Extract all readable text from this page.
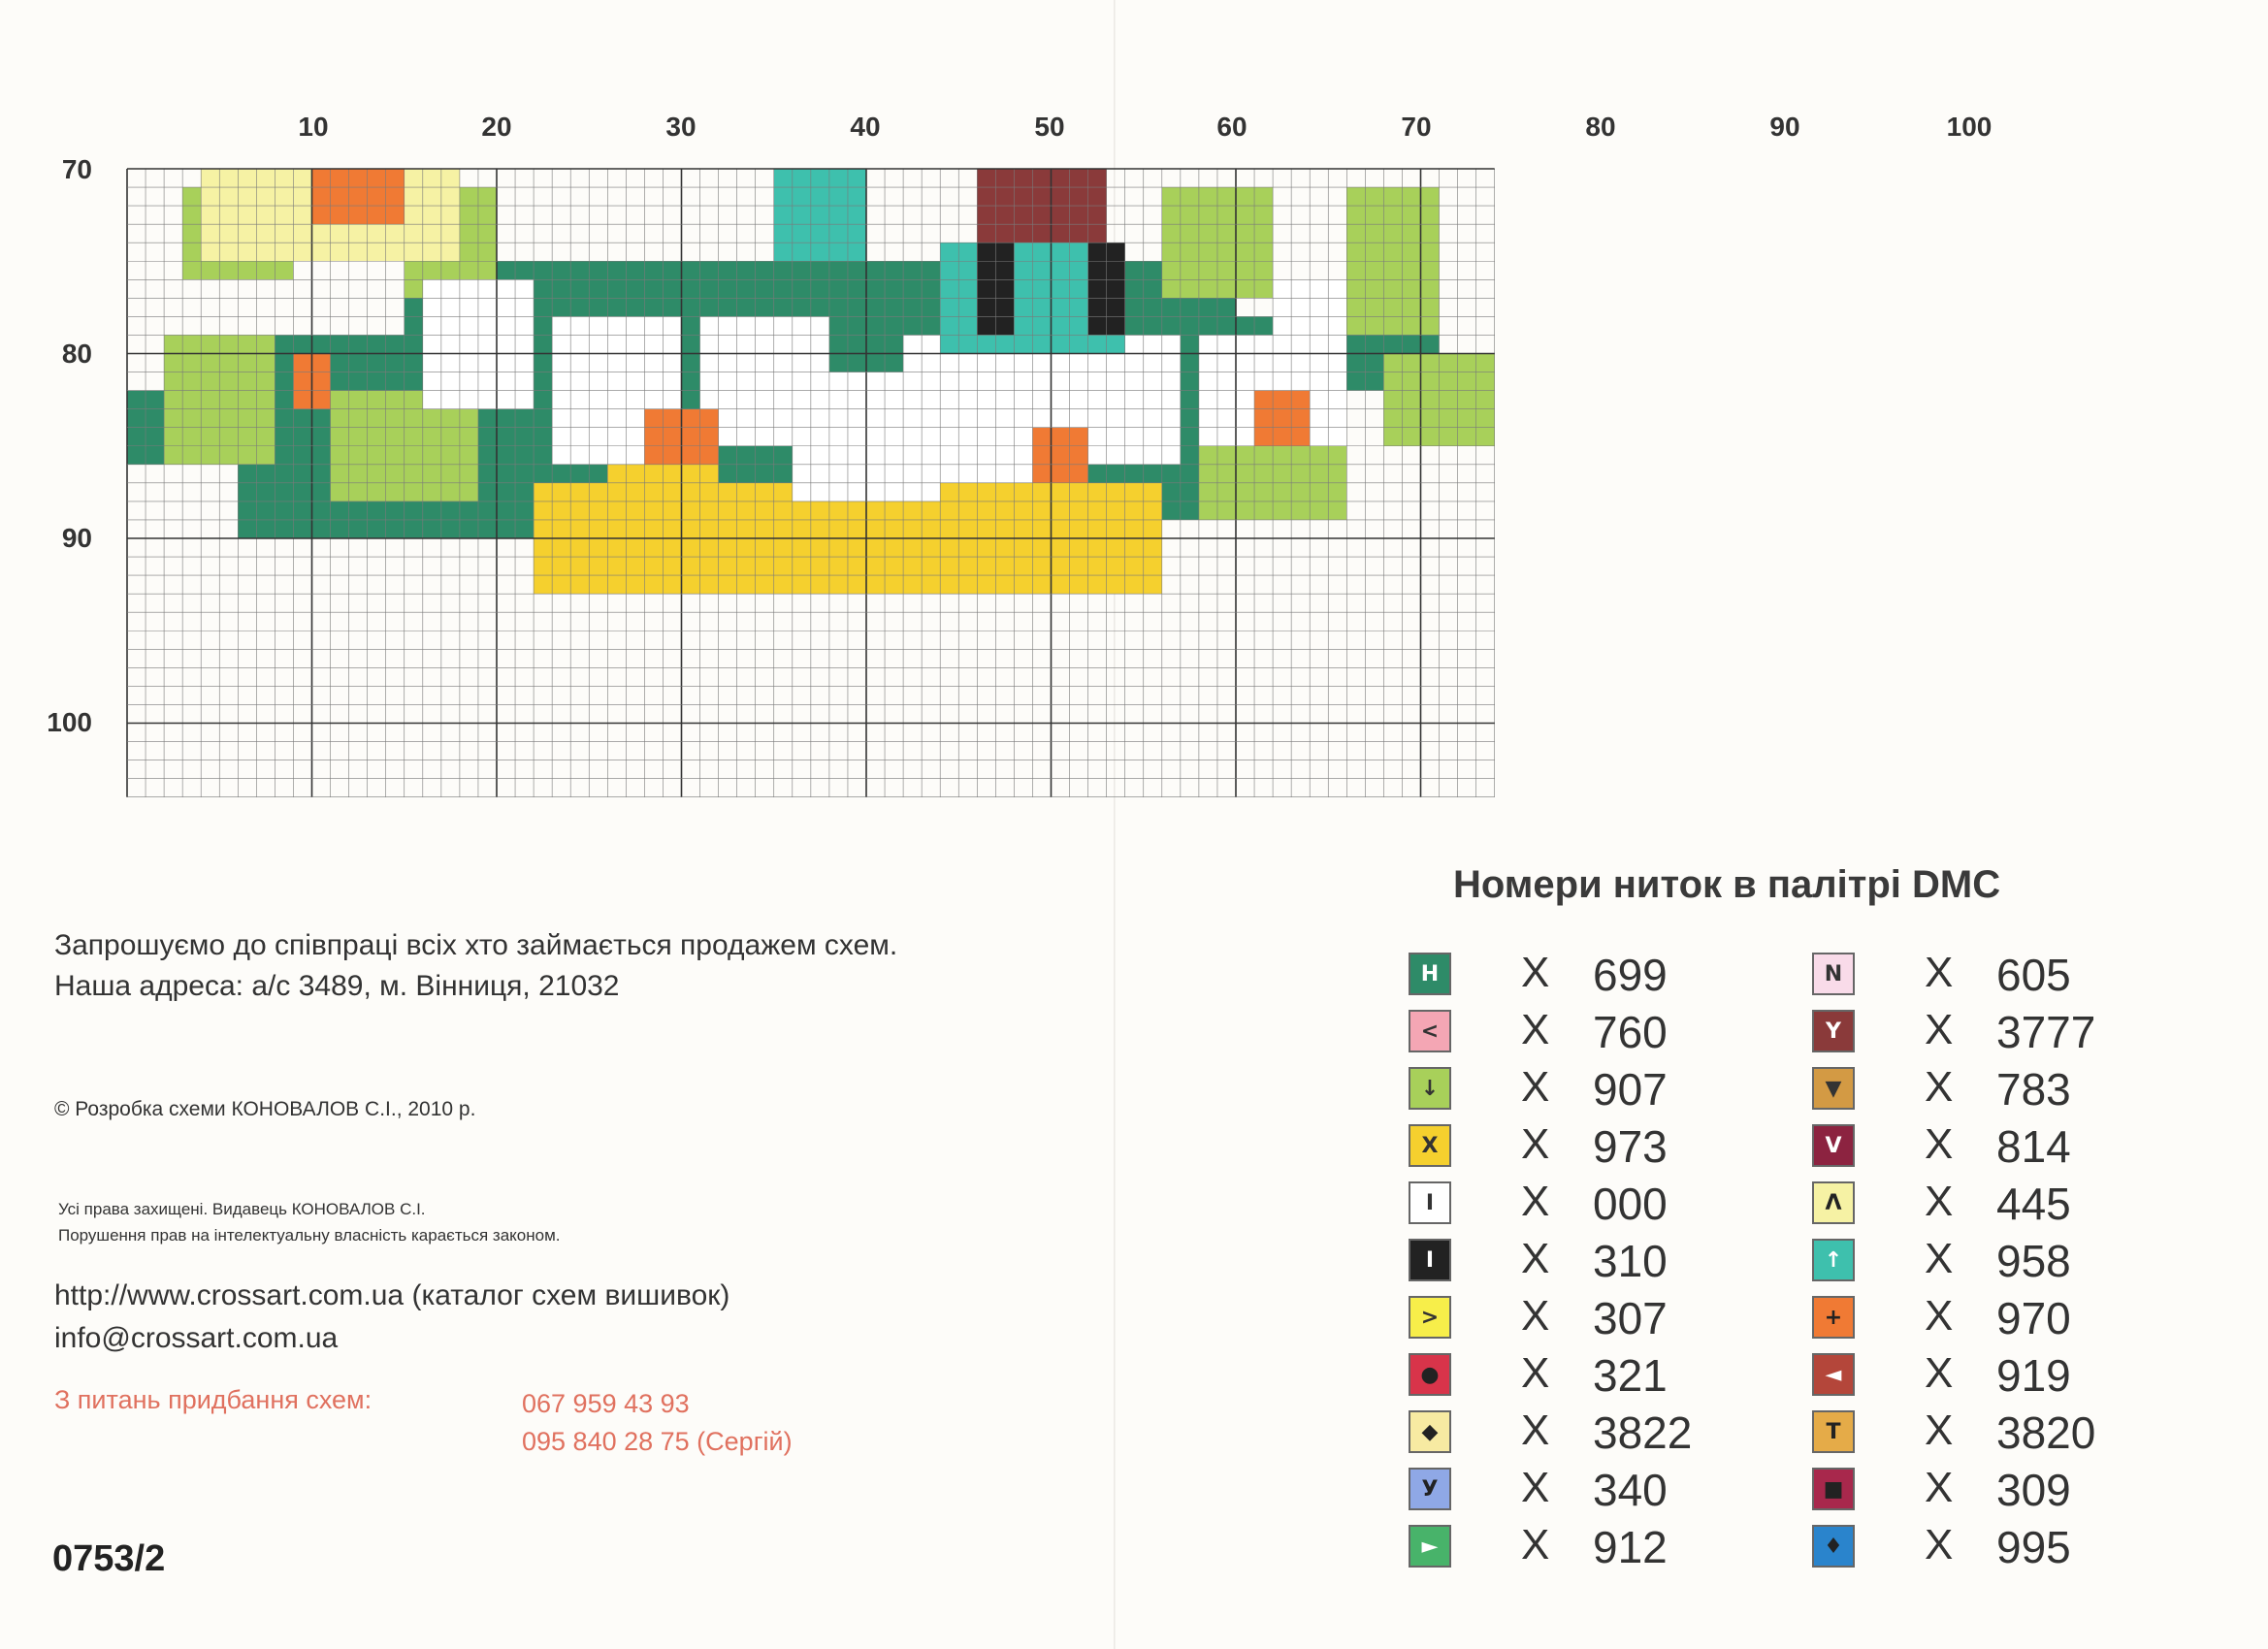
10	20	30	40	50	60	70	80	90	100
70
80
90
100
Запрошуємо до співпраці всіх хто займається продажем схем.
Наша адреса: а/с 3489, м. Вінниця, 21032
© Розробка схеми КОНОВАЛОВ С.І., 2010 р.
Усі права захищені. Видавець КОНОВАЛОВ С.І.
Порушення прав на інтелектуальну власність карається законом.
http://www.crossart.com.ua (каталог схем вишивок)
info@crossart.com.ua
З питань придбання схем:	067 959 43 93
095 840 28 75 (Сергій)
0753/2
Номери ниток в палітрі DMC
H X 699
< X 760
↓ X 907
X	X 973
I	X 000
I	X 310
> X 307
● X 321
◆	X 3822
У	X 340
►	X 912
N X 605
Y	X 3777
▼	X 783
V	X 814
Λ	X 445
↑ X 958
+ X 970
◄	X 919
T	X 3820
■ X 309
♦ X 995
